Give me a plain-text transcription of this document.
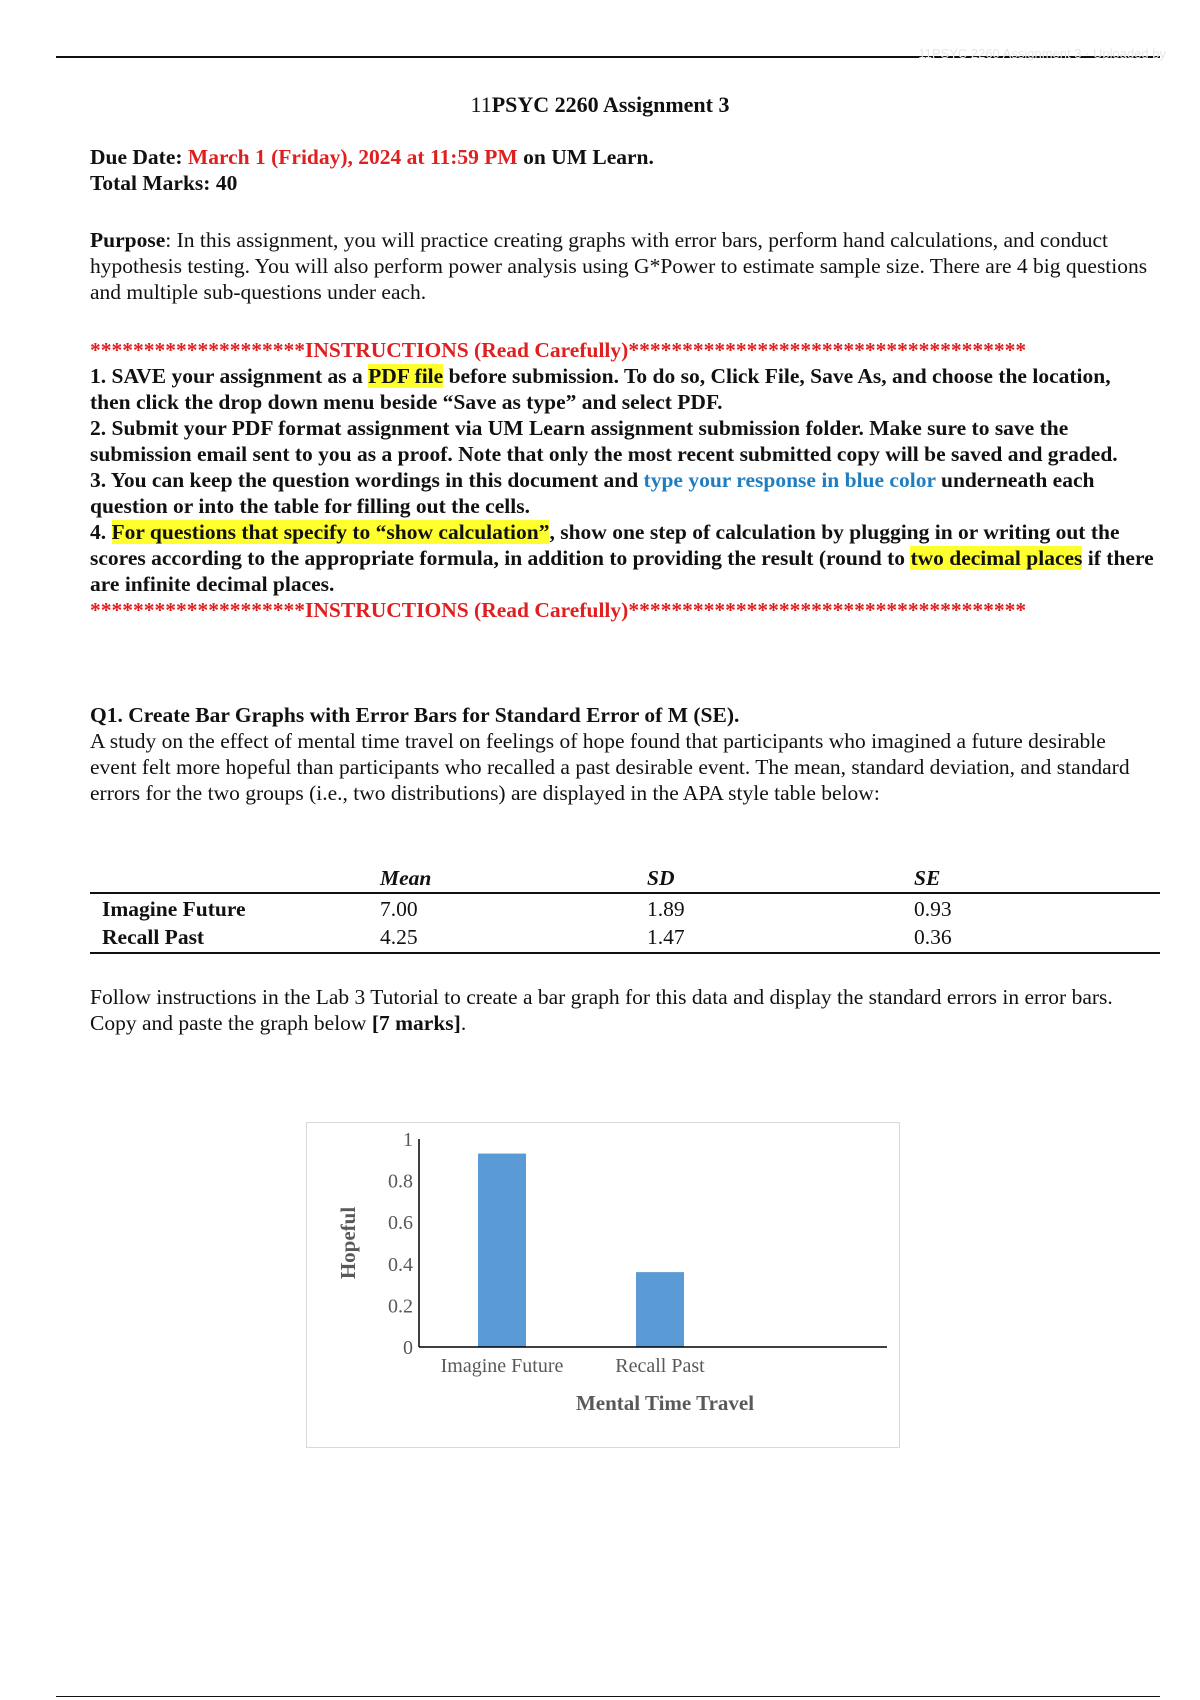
11PSYC 2260 Assignment 3 · Uploaded by
11PSYC 2260 Assignment 3

Due Date: March 1 (Friday), 2024 at 11:59 PM on UM Learn.

Total Marks: 40

Purpose: In this assignment, you will practice creating graphs with error bars, perform hand calculations, and conduct hypothesis testing. You will also perform power analysis using G*Power to estimate sample size. There are 4 big questions and multiple sub-questions under each.

********************INSTRUCTIONS (Read Carefully)*************************************

1. SAVE your assignment as a PDF file before submission. To do so, Click File, Save As, and choose the location, then click the drop down menu beside “Save as type” and select PDF.

2. Submit your PDF format assignment via UM Learn assignment submission folder. Make sure to save the submission email sent to you as a proof. Note that only the most recent submitted copy will be saved and graded.

3. You can keep the question wordings in this document and type your response in blue color underneath each question or into the table for filling out the cells.

4. For questions that specify to “show calculation”, show one step of calculation by plugging in or writing out the scores according to the appropriate formula, in addition to providing the result (round to two decimal places if there are infinite decimal places.

********************INSTRUCTIONS (Read Carefully)*************************************

Q1. Create Bar Graphs with Error Bars for Standard Error of M (SE).

A study on the effect of mental time travel on feelings of hope found that participants who imagined a future desirable event felt more hopeful than participants who recalled a past desirable event. The mean, standard deviation, and standard errors for the two groups (i.e., two distributions) are displayed in the APA style table below:

	Mean	SD	SE
Imagine Future	7.00	1.89	0.93
Recall Past	4.25	1.47	0.36

Follow instructions in the Lab 3 Tutorial to create a bar graph for this data and display the standard errors in error bars. Copy and paste the graph below [7 marks].

0
0.2
0.4
0.6
0.8
1
Imagine Future	Recall Past
Hopeful
Mental Time Travel
